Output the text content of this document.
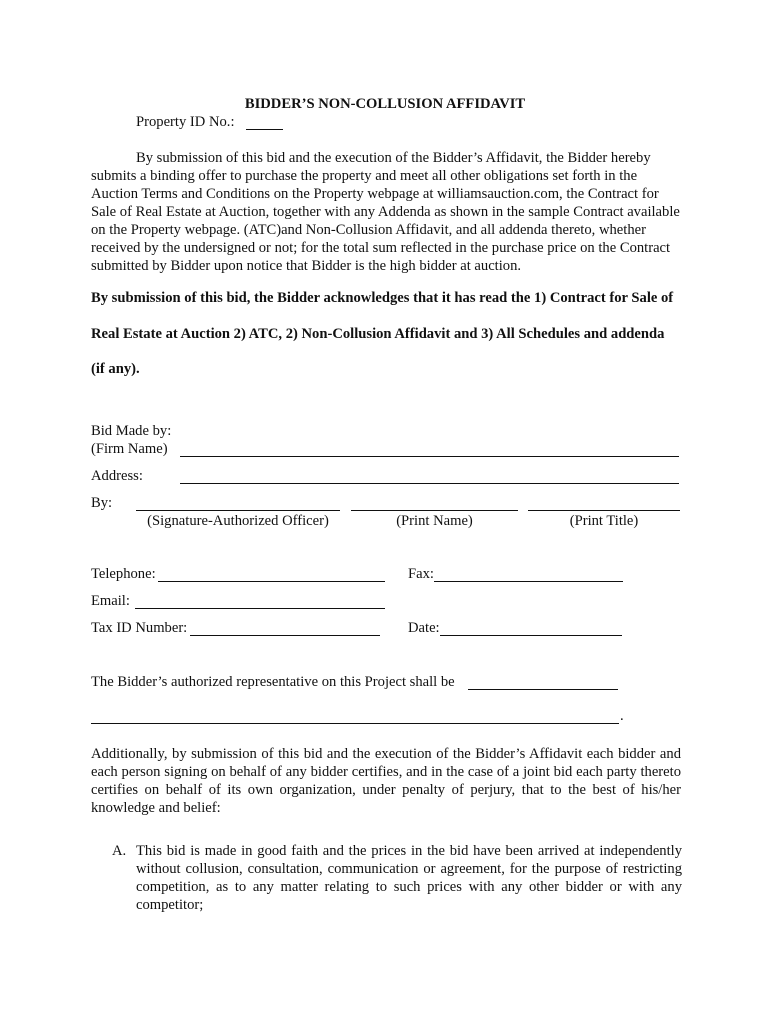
BIDDER’S NON-COLLUSION AFFIDAVIT
Property ID No.:
By submission of this bid and the execution of the Bidder’s Affidavit, the Bidder hereby submits a binding offer to purchase the property and meet all other obligations set forth in the Auction Terms and Conditions on the Property webpage at williamsauction.com, the Contract for Sale of Real Estate at Auction, together with any Addenda as shown in the sample Contract available on the Property webpage. (ATC)and Non-Collusion Affidavit, and all addenda thereto, whether received by the undersigned or not; for the total sum reflected in the purchase price on the Contract submitted by Bidder upon notice that Bidder is the high bidder at auction.
By submission of this bid, the Bidder acknowledges that it has read the 1) Contract for Sale of Real Estate at Auction 2) ATC, 2) Non-Collusion Affidavit and 3) All Schedules and addenda (if any).
Bid Made by:
(Firm Name)
Address:
By:
(Signature-Authorized Officer)	(Print Name)	(Print Title)
Telephone:	Fax:
Email:
Tax ID Number:	Date:
The Bidder’s authorized representative on this Project shall be
.
Additionally, by submission of this bid and the execution of the Bidder’s Affidavit each bidder and each person signing on behalf of any bidder certifies, and in the case of a joint bid each party thereto certifies on behalf of its own organization, under penalty of perjury, that to the best of his/her knowledge and belief:
A. This bid is made in good faith and the prices in the bid have been arrived at independently without collusion, consultation, communication or agreement, for the purpose of restricting competition, as to any matter relating to such prices with any other bidder or with any competitor;
